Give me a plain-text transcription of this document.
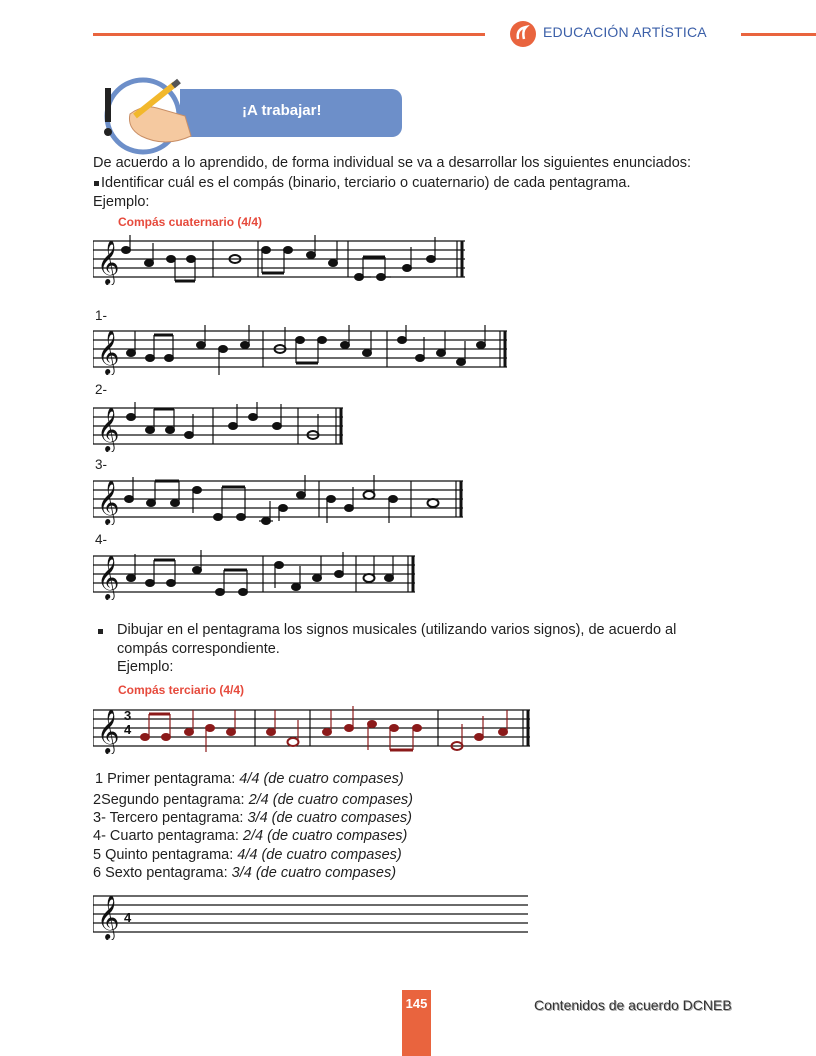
EDUCACIÓN ARTÍSTICA
¡A trabajar!
De acuerdo a lo aprendido, de forma individual se va a desarrollar los siguientes enunciados:
Identificar cuál es el compás (binario, terciario o cuaternario) de cada pentagrama.
Ejemplo:
Compás cuaternario (4/4)
𝄞
1-
𝄞
2-
𝄞
3-
𝄞
4-
𝄞
Dibujar en el pentagrama los signos musicales (utilizando varios signos), de acuerdo al
compás correspondiente.
Ejemplo:
Compás terciario (4/4)
𝄞 3
4
1 Primer pentagrama: 4/4 (de cuatro compases)
2Segundo pentagrama: 2/4 (de cuatro compases)
3- Tercero pentagrama: 3/4 (de cuatro compases)
4- Cuarto pentagrama: 2/4 (de cuatro compases)
5 Quinto pentagrama: 4/4 (de cuatro compases)
6 Sexto pentagrama: 3/4 (de cuatro compases)
𝄞 4
145	Contenidos de acuerdo DCNEB
